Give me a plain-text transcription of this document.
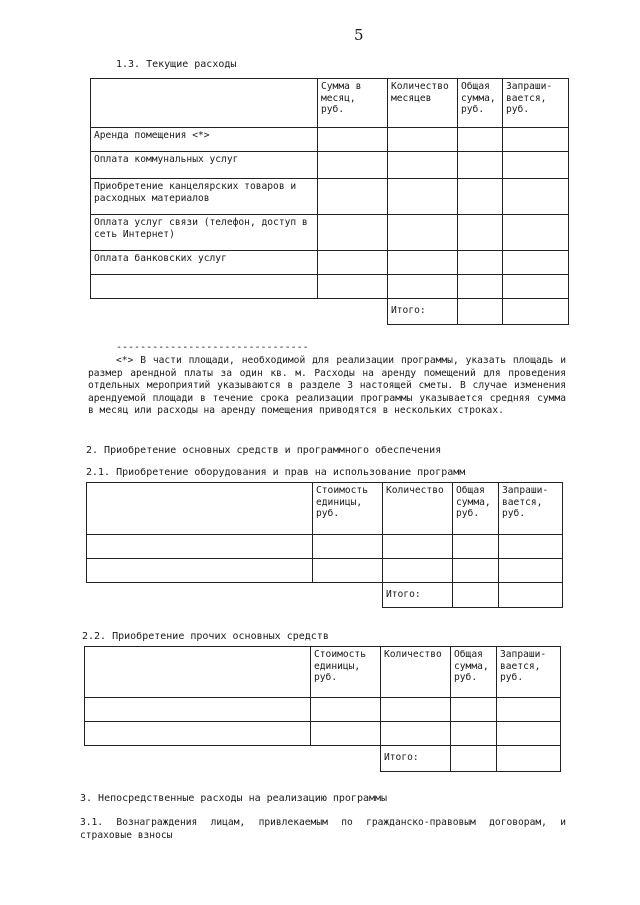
5
1.3. Текущие расходы
	Сумма в месяц, руб.	Количество месяцев	Общая сумма, руб.	Запраши-вается, руб.
Аренда помещения <*>				
Оплата коммунальных услуг				
Приобретение канцелярских товаров и расходных материалов				
Оплата услуг связи (телефон, доступ в сеть Интернет)				
Оплата банковских услуг				

		Итого:		
--------------------------------
<*> В части площади, необходимой для реализации программы, указать площадь и размер арендной платы за один кв. м. Расходы на аренду помещений для проведения отдельных мероприятий указываются в разделе 3 настоящей сметы. В случае изменения арендуемой площади в течение срока реализации программы указывается средняя сумма в месяц или расходы на аренду помещения приводятся в нескольких строках.
2. Приобретение основных средств и программного обеспечения
2.1. Приобретение оборудования и прав на использование программ
	Стоимость единицы, руб.	Количество	Общая сумма, руб.	Запраши-вается, руб.

		Итого:		
2.2. Приобретение прочих основных средств
	Стоимость единицы, руб.	Количество	Общая сумма, руб.	Запраши-вается, руб.

		Итого:		
3. Непосредственные расходы на реализацию программы
3.1. Вознаграждения лицам, привлекаемым по гражданско-правовым договорам, и страховые взносы
